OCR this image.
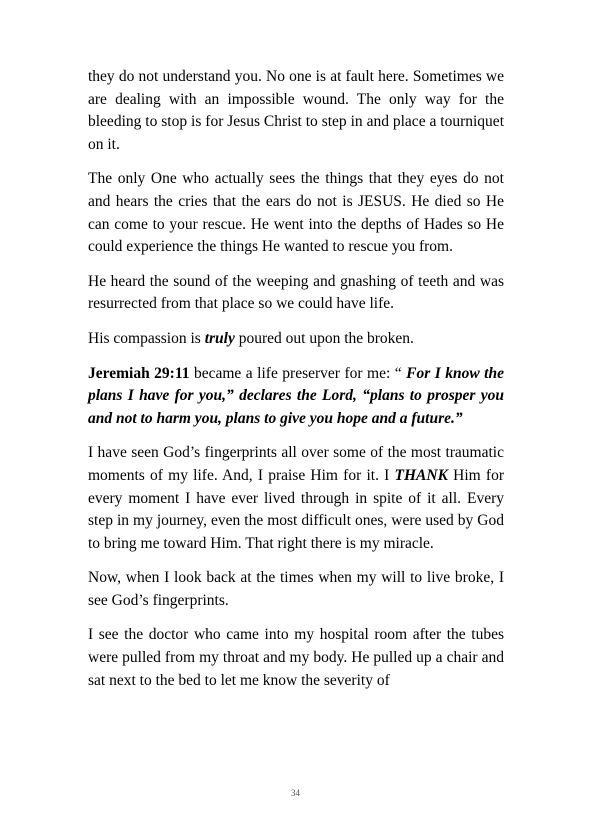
they do not understand you. No one is at fault here. Sometimes we are dealing with an impossible wound. The only way for the bleeding to stop is for Jesus Christ to step in and place a tourniquet on it.

The only One who actually sees the things that they eyes do not and hears the cries that the ears do not is JESUS. He died so He can come to your rescue. He went into the depths of Hades so He could experience the things He wanted to rescue you from.

He heard the sound of the weeping and gnashing of teeth and was resurrected from that place so we could have life.

His compassion is truly poured out upon the broken.

Jeremiah 29:11 became a life preserver for me: “ For I know the plans I have for you,” declares the Lord, “plans to prosper you and not to harm you, plans to give you hope and a future.”

I have seen God’s fingerprints all over some of the most traumatic moments of my life. And, I praise Him for it. I THANK Him for every moment I have ever lived through in spite of it all. Every step in my journey, even the most difficult ones, were used by God to bring me toward Him. That right there is my miracle.

Now, when I look back at the times when my will to live broke, I see God’s fingerprints.

I see the doctor who came into my hospital room after the tubes were pulled from my throat and my body. He pulled up a chair and sat next to the bed to let me know the severity of

34
